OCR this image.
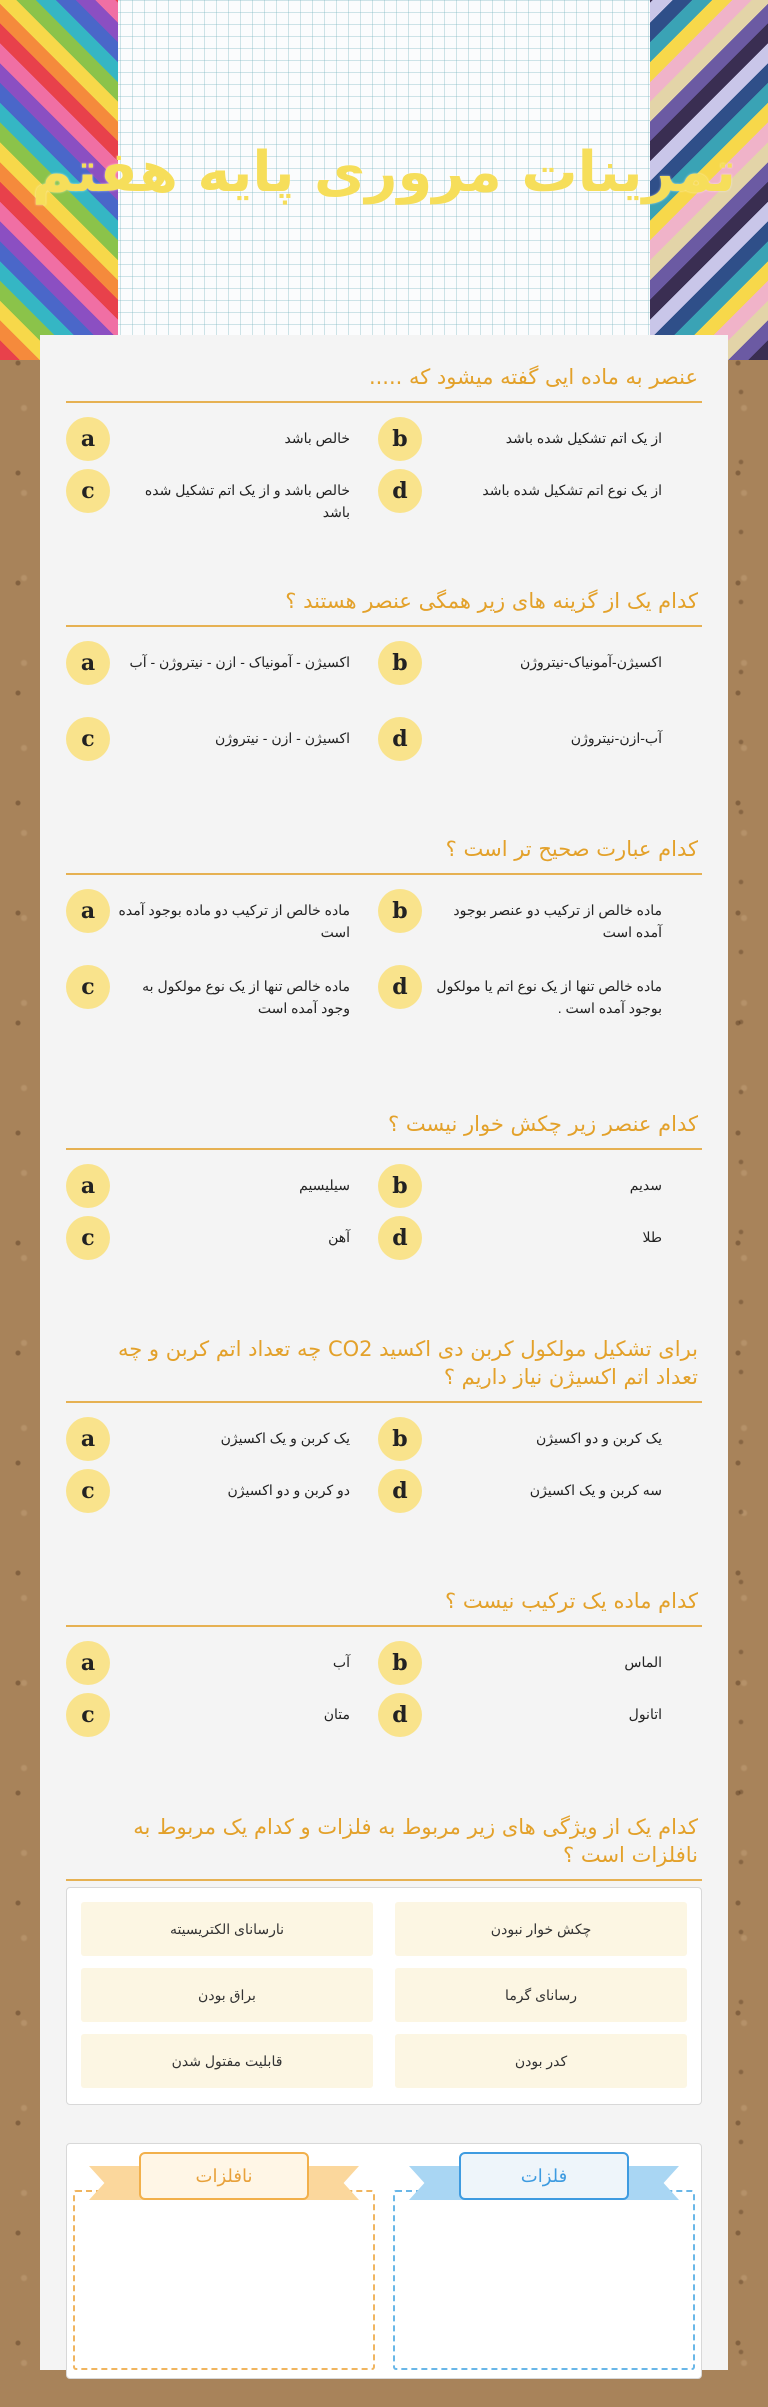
تمرینات مروری پایه هفتم
عنصر به ماده ایی گفته میشود که .....
a	خالص باشد	b	از یک اتم تشکیل شده باشد
c	خالص باشد و از یک اتم تشکیل شده باشد
d	از یک نوع اتم تشکیل شده باشد
کدام یک از گزینه های زیر همگی عنصر هستند ؟
a	اکسیژن - آمونیاک - ازن - نیتروژن - آب	b	اکسیژن-آمونیاک-نیتروژن
c	اکسیژن - ازن - نیتروژن	d	آب-ازن-نیتروژن
کدام عبارت صحیح تر است ؟
a	ماده خالص از ترکیب دو ماده بوجود آمده است
b	ماده خالص از ترکیب دو عنصر بوجود آمده است
c	ماده خالص تنها از یک نوع مولکول به وجود آمده است
d	ماده خالص تنها از یک نوع اتم یا مولکول بوجود آمده است .
کدام عنصر زیر چکش خوار نیست ؟
a	سیلیسیم	b	سدیم
c	آهن	d	طلا
برای تشکیل مولکول کربن دی اکسید CO2 چه تعداد اتم کربن و چه تعداد اتم اکسیژن نیاز داریم ؟
a	یک کربن و یک اکسیژن	b	یک کربن و دو اکسیژن
c	دو کربن و دو اکسیژن	d	سه کربن و یک اکسیژن
کدام ماده یک ترکیب نیست ؟
a	آب	b	الماس
c	متان	d	اتانول
کدام یک از ویژگی های زیر مربوط به فلزات و کدام یک مربوط به نافلزات است ؟
چکش خوار نبودن
نارسانای الکتریسیته
رسانای گرما
براق بودن
کدر بودن
قابلیت مفتول شدن
فلزات
نافلزات
